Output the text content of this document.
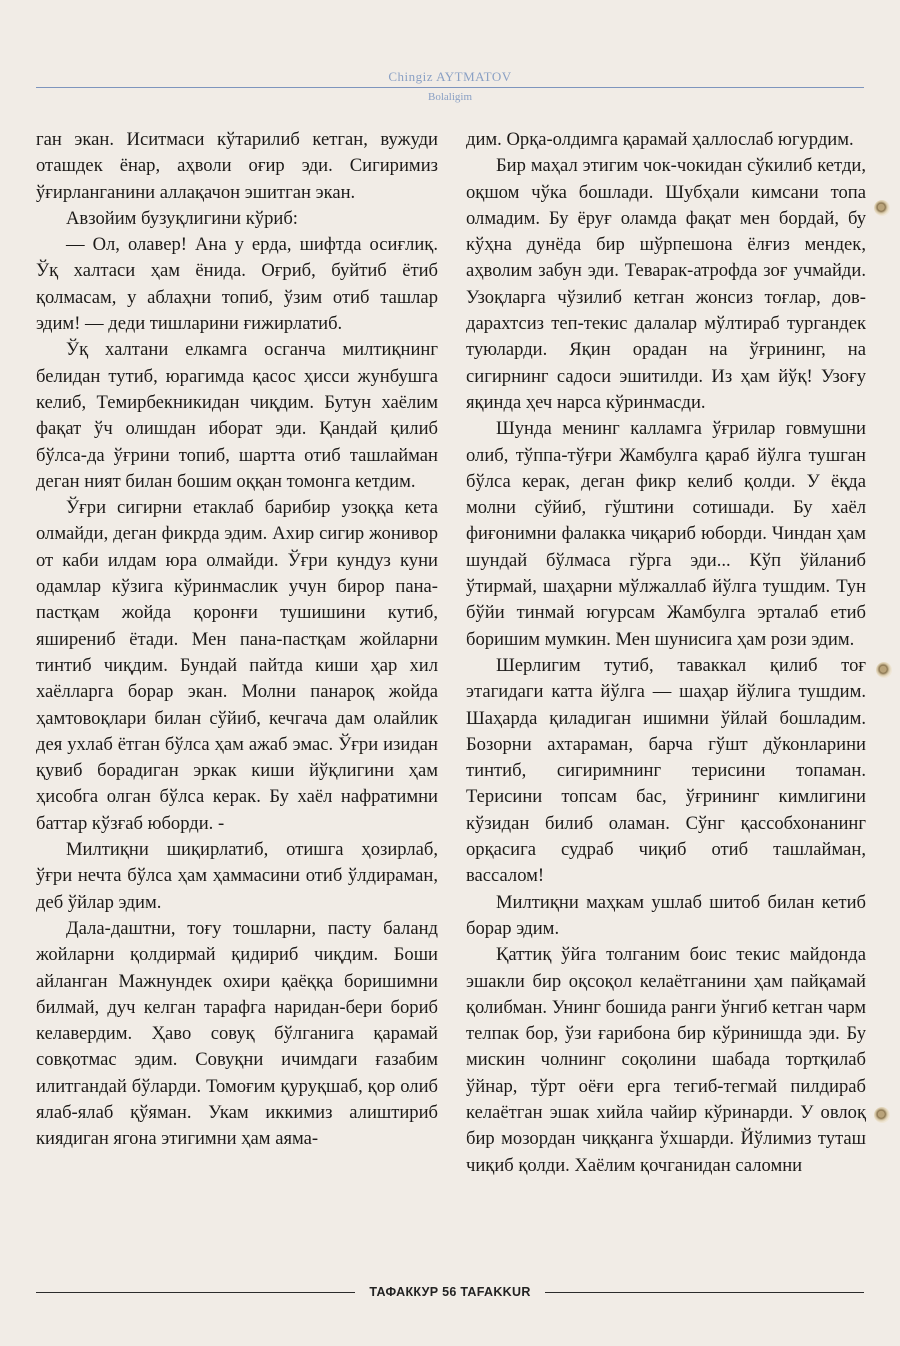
Chingiz AYTMATOV
Bolaligim

ган экан. Иситмаси кўтарилиб кетган, вужуди оташдек ёнар, аҳволи оғир эди. Сигиримиз ўғирланганини аллақачон эшитган экан.

Авзойим бузуқлигини кўриб:

— Ол, олавер! Ана у ерда, шифтда осиғлиқ. Ўқ халтаси ҳам ёнида. Оғриб, буйтиб ётиб қолмасам, у аблаҳни топиб, ўзим отиб ташлар эдим! — деди тишларини ғижирлатиб.

Ўқ халтани елкамга осганча милтиқнинг белидан тутиб, юрагимда қасос ҳисси жунбушга келиб, Темирбекникидан чиқдим. Бутун хаёлим фақат ўч олишдан иборат эди. Қандай қилиб бўлса-да ўғрини топиб, шартта отиб ташлайман деган ният билан бошим оққан томонга кетдим.

Ўғри сигирни етаклаб барибир узоққа кета олмайди, деган фикрда эдим. Ахир сигир жонивор от каби илдам юра олмайди. Ўғри кундуз куни одамлар кўзига кўринмаслик учун бирор пана-пастқам жойда қоронғи тушишини кутиб, яширениб ётади. Мен пана-пастқам жойларни тинтиб чиқдим. Бундай пайтда киши ҳар хил хаёлларга борар экан. Молни панароқ жойда ҳамтовоқлари билан сўйиб, кечгача дам олайлик дея ухлаб ётган бўлса ҳам ажаб эмас. Ўғри изидан қувиб борадиган эркак киши йўқлигини ҳам ҳисобга олган бўлса керак. Бу хаёл нафратимни баттар кўзғаб юборди. -

Милтиқни шиқирлатиб, отишга ҳозирлаб, ўғри нечта бўлса ҳам ҳаммасини отиб ўлдираман, деб ўйлар эдим.

Дала-даштни, тоғу тошларни, пасту баланд жойларни қолдирмай қидириб чиқдим. Боши айланган Мажнундек охири қаёққа боришимни билмай, дуч келган тарафга наридан-бери бориб келавердим. Ҳаво совуқ бўлганига қарамай совқотмас эдим. Совуқни ичимдаги ғазабим илитгандай бўларди. Томоғим қуруқшаб, қор олиб ялаб-ялаб қўяман. Укам иккимиз алиштириб киядиган ягона этигимни ҳам аяма-

дим. Орқа-олдимга қарамай ҳаллослаб югурдим.

Бир маҳал этигим чок-чокидан сўкилиб кетди, оқшом чўка бошлади. Шубҳали кимсани топа олмадим. Бу ёруғ оламда фақат мен бордай, бу кўҳна дунёда бир шўрпешона ёлғиз мендек, аҳволим забун эди. Теварак-атрофда зоғ учмайди. Узоқларга чўзилиб кетган жонсиз тоғлар, дов-дарахтсиз теп-текис далалар мўлтираб тургандек туюларди. Яқин орадан на ўғрининг, на сигирнинг садоси эшитилди. Из ҳам йўқ! Узоғу яқинда ҳеч нарса кўринмасди.

Шунда менинг калламга ўғрилар говмушни олиб, тўппа-тўғри Жамбулга қараб йўлга тушган бўлса керак, деган фикр келиб қолди. У ёқда молни сўйиб, гўштини сотишади. Бу хаёл фиғонимни фалакка чиқариб юборди. Чиндан ҳам шундай бўлмаса гўрга эди... Кўп ўйланиб ўтирмай, шаҳарни мўлжаллаб йўлга тушдим. Тун бўйи тинмай югурсам Жамбулга эрталаб етиб боришим мумкин. Мен шунисига ҳам рози эдим.

Шерлигим тутиб, таваккал қилиб тоғ этагидаги катта йўлга — шаҳар йўлига тушдим. Шаҳарда қиладиган ишимни ўйлай бошладим. Бозорни ахтараман, барча гўшт дўконларини тинтиб, сигиримнинг терисини топаман. Терисини топсам бас, ўғрининг кимлигини кўзидан билиб оламан. Сўнг қассобхонанинг орқасига судраб чиқиб отиб ташлайман, вассалом!

Милтиқни маҳкам ушлаб шитоб билан кетиб борар эдим.

Қаттиқ ўйга толганим боис текис майдонда эшакли бир оқсоқол келаётганини ҳам пайқамай қолибман. Унинг бошида ранги ўнгиб кетган чарм телпак бор, ўзи ғарибона бир кўринишда эди. Бу мискин чолнинг соқолини шабада тортқилаб ўйнар, тўрт оёғи ерга тегиб-тегмай пилдираб келаётган эшак хийла чайир кўринарди. У овлоқ бир мозордан чиққанга ўхшарди. Йўлимиз туташ чиқиб қолди. Хаёлим қочганидан саломни

ТАФАККУР 56 TAFAKKUR
